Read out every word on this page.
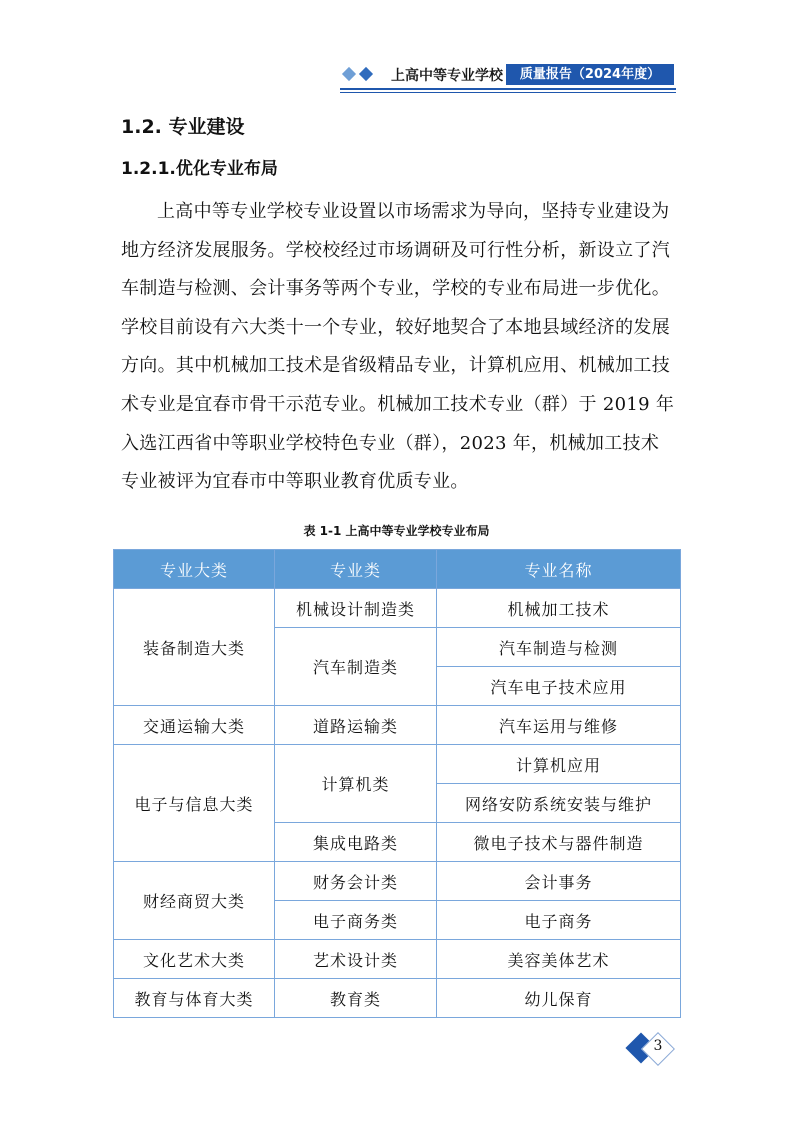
上高中等专业学校	质量报告（2024年度）
1.2. 专业建设
1.2.1.优化专业布局
上高中等专业学校专业设置以市场需求为导向，坚持专业建设为
地方经济发展服务。学校校经过市场调研及可行性分析，新设立了汽
车制造与检测、会计事务等两个专业，学校的专业布局进一步优化。
学校目前设有六大类十一个专业，较好地契合了本地县域经济的发展
方向。其中机械加工技术是省级精品专业，计算机应用、机械加工技
术专业是宜春市骨干示范专业。机械加工技术专业（群）于 2019 年
入选江西省中等职业学校特色专业（群），2023 年，机械加工技术
专业被评为宜春市中等职业教育优质专业。
表 1-1 上高中等专业学校专业布局
专业大类	专业类	专业名称
装备制造大类	机械设计制造类	机械加工技术
	汽车制造类	汽车制造与检测
		汽车电子技术应用
交通运输大类	道路运输类	汽车运用与维修
电子与信息大类	计算机类	计算机应用
		网络安防系统安装与维护
	集成电路类	微电子技术与器件制造
财经商贸大类	财务会计类	会计事务
	电子商务类	电子商务
文化艺术大类	艺术设计类	美容美体艺术
教育与体育大类	教育类	幼儿保育
3
